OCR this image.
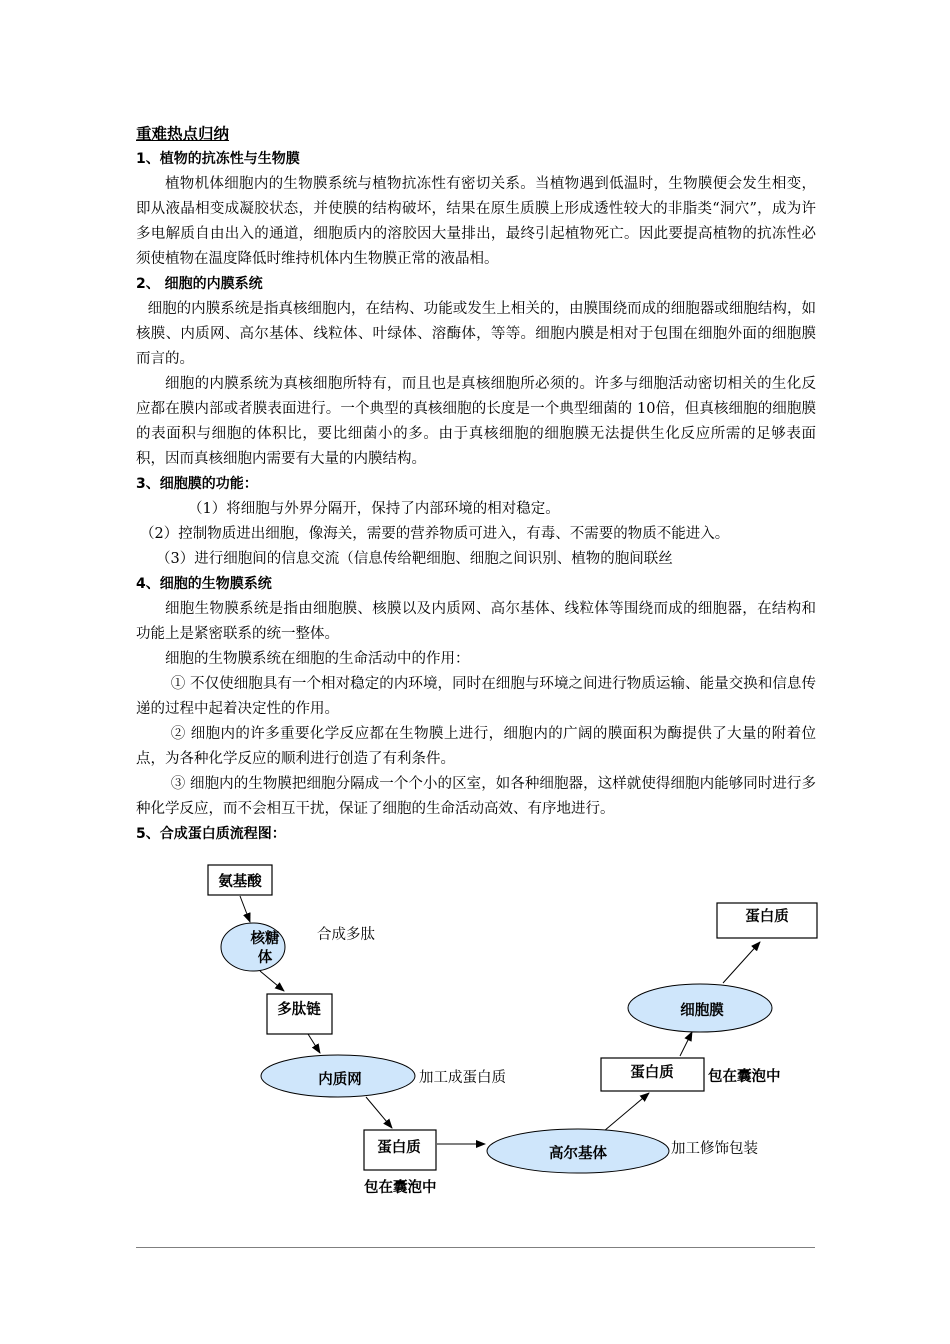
重难热点归纳
1、植物的抗冻性与生物膜

植物机体细胞内的生物膜系统与植物抗冻性有密切关系。当植物遇到低温时，生物膜便会发生相变，即从液晶相变成凝胶状态，并使膜的结构破坏，结果在原生质膜上形成透性较大的非脂类“洞穴”，成为许多电解质自由出入的通道，细胞质内的溶胶因大量排出，最终引起植物死亡。因此要提高植物的抗冻性必须使植物在温度降低时维持机体内生物膜正常的液晶相。

2、 细胞的内膜系统

细胞的内膜系统是指真核细胞内，在结构、功能或发生上相关的，由膜围绕而成的细胞器或细胞结构，如核膜、内质网、高尔基体、线粒体、叶绿体、溶酶体，等等。细胞内膜是相对于包围在细胞外面的细胞膜而言的。

细胞的内膜系统为真核细胞所特有，而且也是真核细胞所必须的。许多与细胞活动密切相关的生化反应都在膜内部或者膜表面进行。一个典型的真核细胞的长度是一个典型细菌的 10倍，但真核细胞的细胞膜的表面积与细胞的体积比，要比细菌小的多。由于真核细胞的细胞膜无法提供生化反应所需的足够表面积，因而真核细胞内需要有大量的内膜结构。

3、细胞膜的功能：

（1）将细胞与外界分隔开，保持了内部环境的相对稳定。

（2）控制物质进出细胞，像海关，需要的营养物质可进入，有毒、不需要的物质不能进入。

（3）进行细胞间的信息交流（信息传给靶细胞、细胞之间识别、植物的胞间联丝

4、细胞的生物膜系统

细胞生物膜系统是指由细胞膜、核膜以及内质网、高尔基体、线粒体等围绕而成的细胞器，在结构和功能上是紧密联系的统一整体。

细胞的生物膜系统在细胞的生命活动中的作用：

① 不仅使细胞具有一个相对稳定的内环境，同时在细胞与环境之间进行物质运输、能量交换和信息传递的过程中起着决定性的作用。

② 细胞内的许多重要化学反应都在生物膜上进行，细胞内的广阔的膜面积为酶提供了大量的附着位点，为各种化学反应的顺利进行创造了有利条件。

③ 细胞内的生物膜把细胞分隔成一个个小的区室，如各种细胞器，这样就使得细胞内能够同时进行多种化学反应，而不会相互干扰，保证了细胞的生命活动高效、有序地进行。

5、合成蛋白质流程图：
氨基酸
核糖
体
多肽链
内质网
蛋白质	高尔基体
蛋白质
细胞膜
蛋白质
合成多肽
加工成蛋白质
加工修饰包装
包在囊泡中
包在囊泡中
